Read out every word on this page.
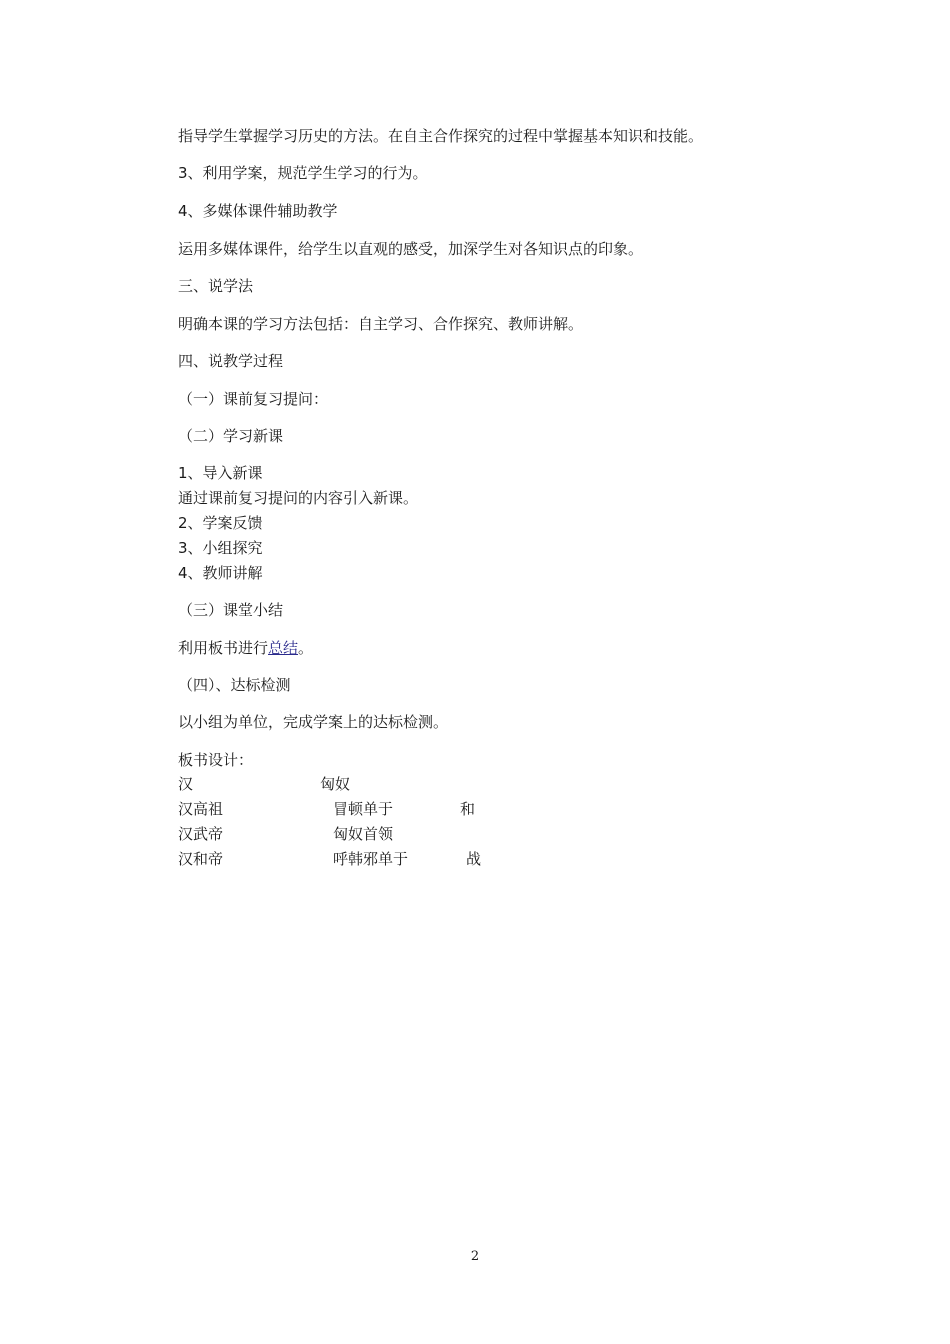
指导学生掌握学习历史的方法。在自主合作探究的过程中掌握基本知识和技能。
3、利用学案，规范学生学习的行为。
4、多媒体课件辅助教学
运用多媒体课件，给学生以直观的感受，加深学生对各知识点的印象。
三、说学法
明确本课的学习方法包括：自主学习、合作探究、教师讲解。
四、说教学过程
（一）课前复习提问：
（二）学习新课
1、导入新课
通过课前复习提问的内容引入新课。
2、学案反馈
3、小组探究
4、教师讲解
（三）课堂小结
利用板书进行总结。
（四）、达标检测
以小组为单位，完成学案上的达标检测。
板书设计：
汉	匈奴
汉高祖	冒顿单于	和
汉武帝	匈奴首领
汉和帝	呼韩邪单于	战
2
